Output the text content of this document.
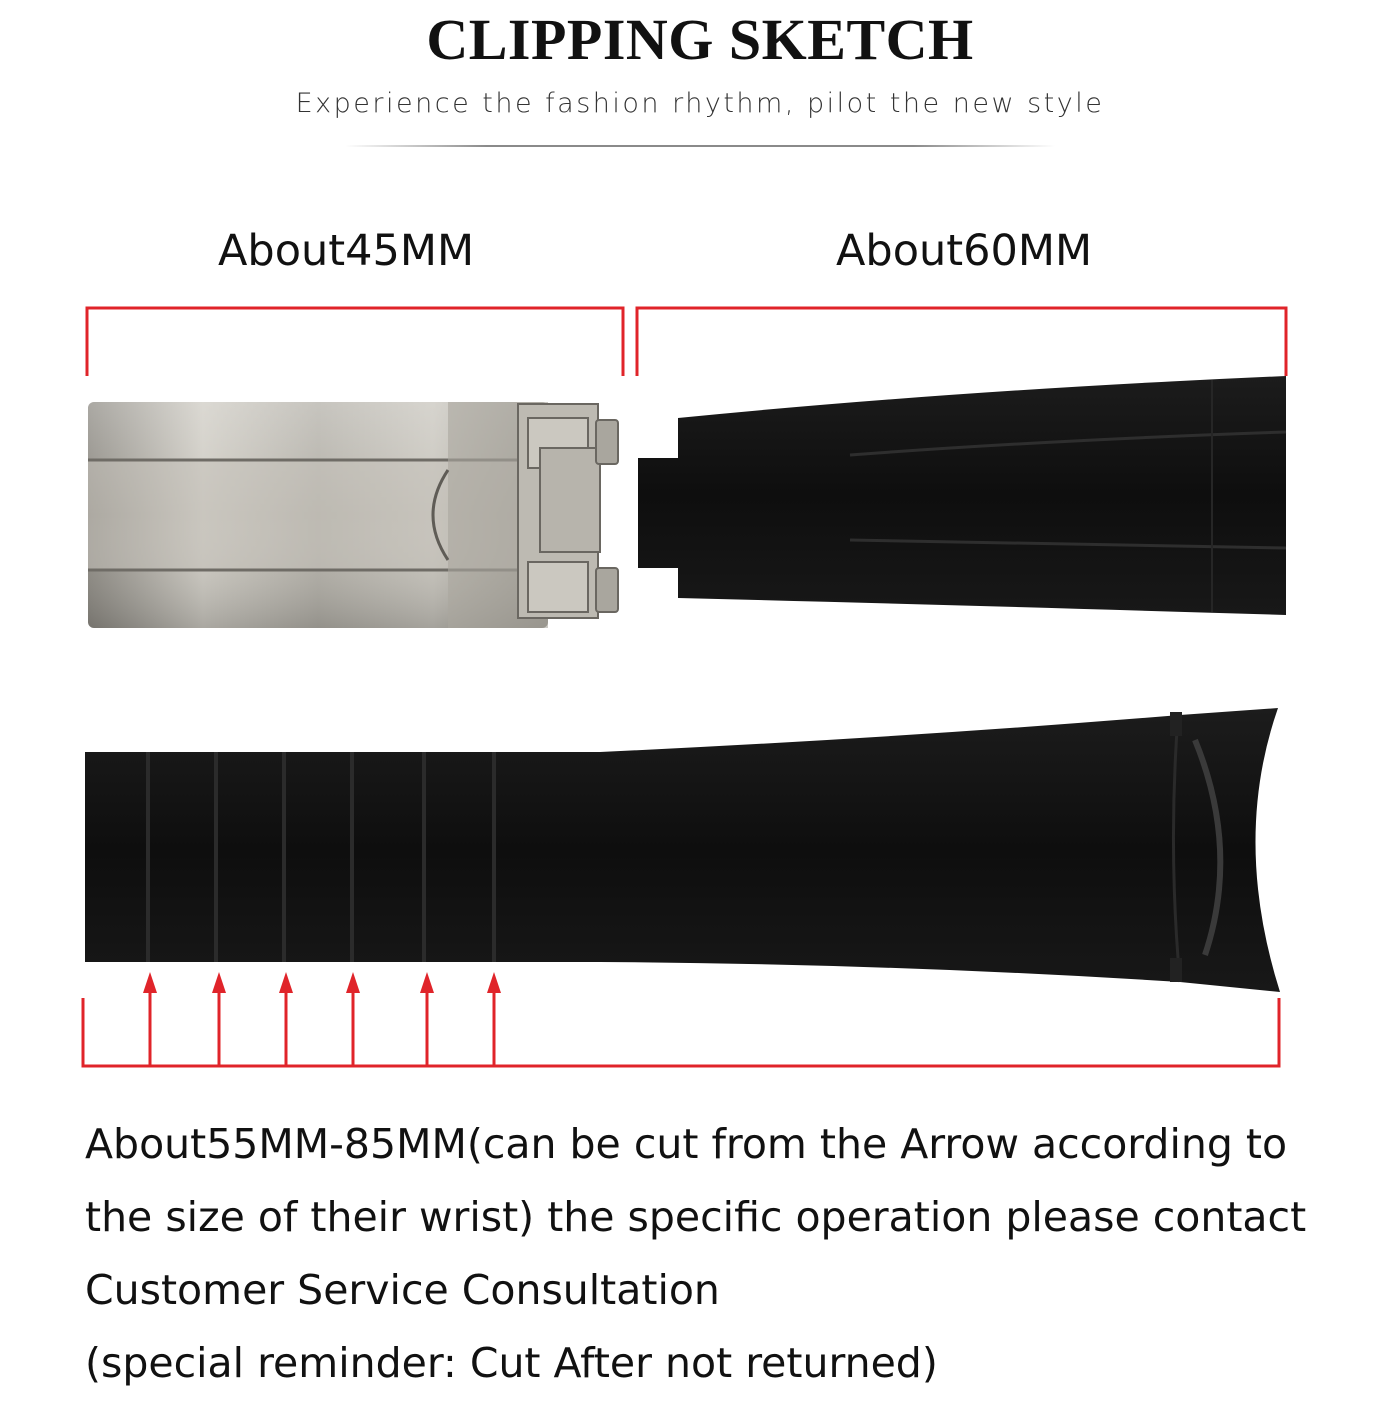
CLIPPING SKETCH
Experience the fashion rhythm, pilot the new style
About45MM	About60MM

About55MM-85MM(can be cut from the Arrow according to

the size of their wrist) the specific operation please contact

Customer Service Consultation

(special reminder: Cut After not returned)
